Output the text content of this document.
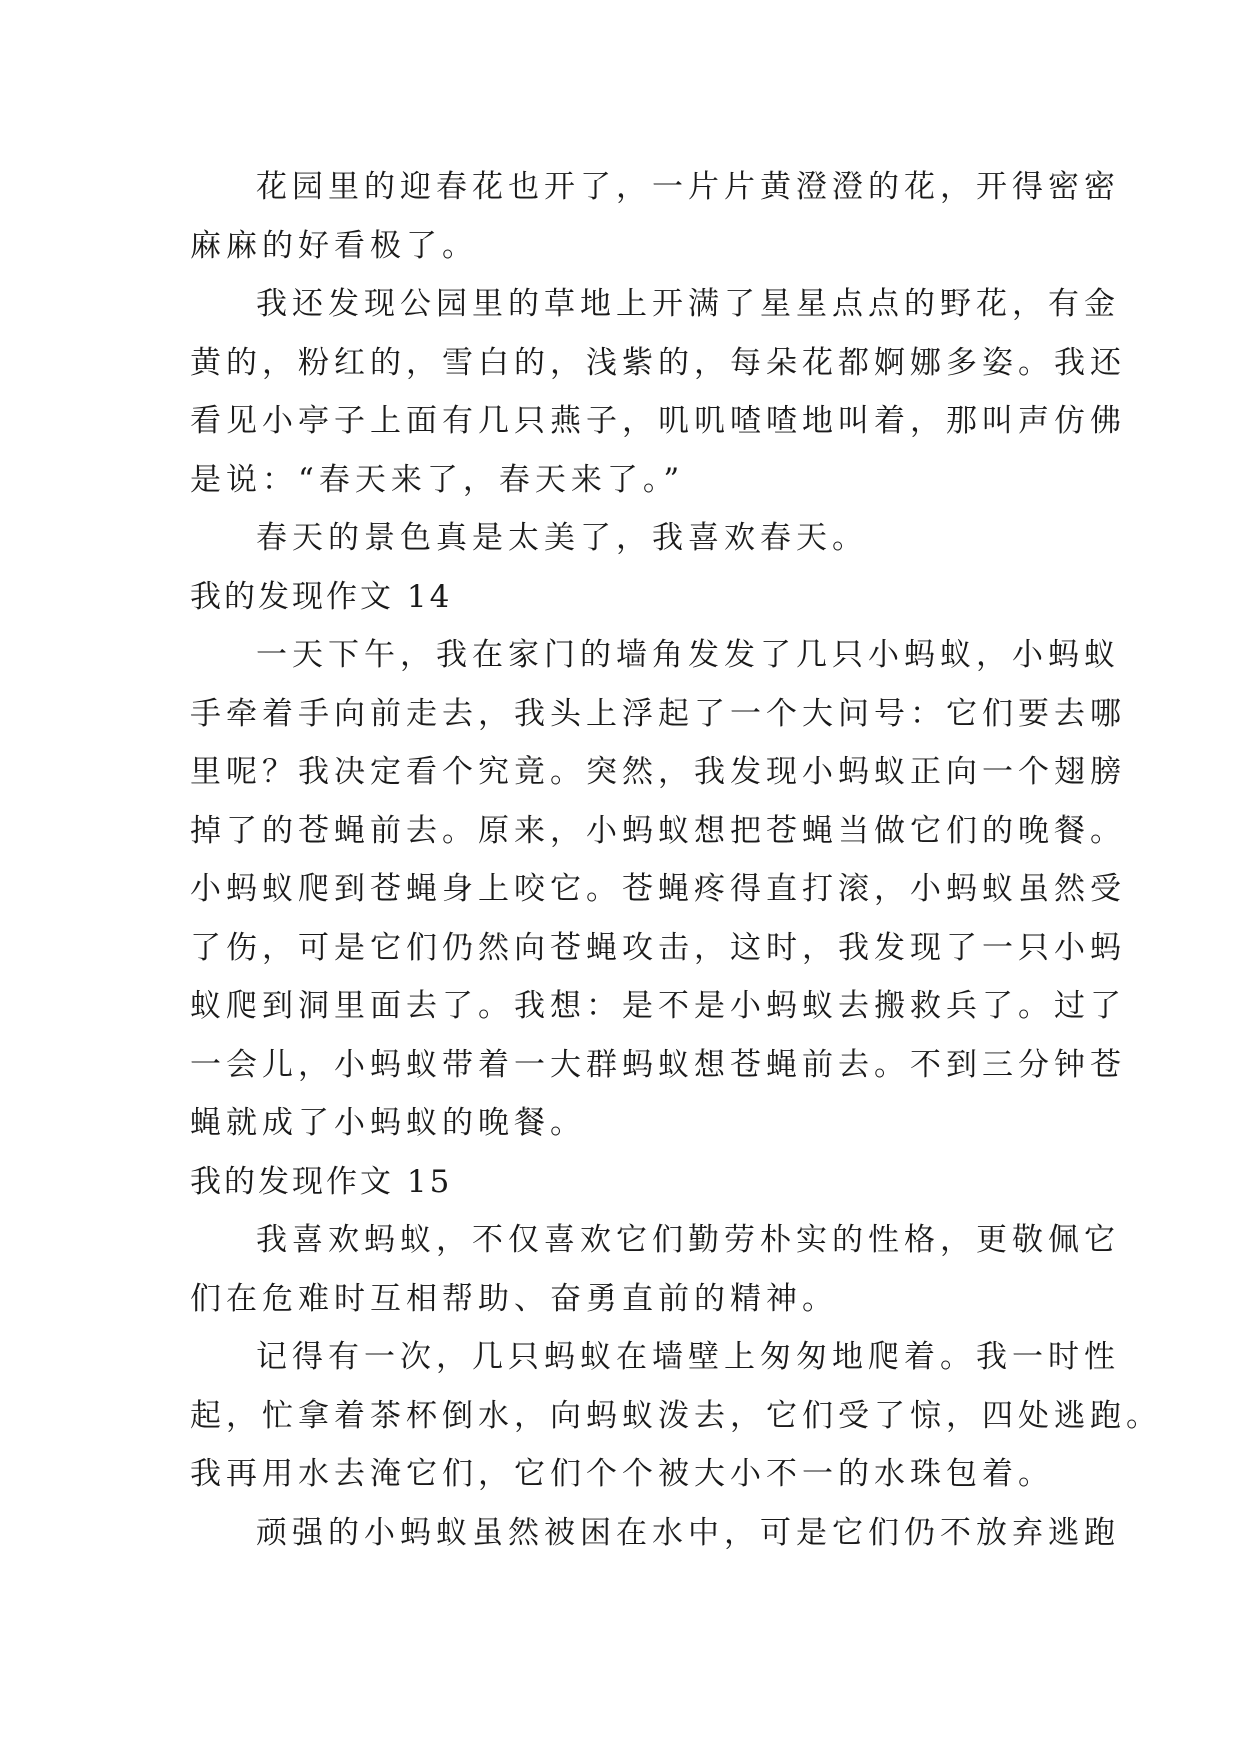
花园里的迎春花也开了，一片片黄澄澄的花，开得密密
麻麻的好看极了。
我还发现公园里的草地上开满了星星点点的野花，有金
黄的，粉红的，雪白的，浅紫的，每朵花都婀娜多姿。我还
看见小亭子上面有几只燕子，叽叽喳喳地叫着，那叫声仿佛
是说：“春天来了，春天来了。”
春天的景色真是太美了，我喜欢春天。
我的发现作文 14
一天下午，我在家门的墙角发发了几只小蚂蚁，小蚂蚁
手牵着手向前走去，我头上浮起了一个大问号：它们要去哪
里呢？我决定看个究竟。突然，我发现小蚂蚁正向一个翅膀
掉了的苍蝇前去。原来，小蚂蚁想把苍蝇当做它们的晚餐。
小蚂蚁爬到苍蝇身上咬它。苍蝇疼得直打滚，小蚂蚁虽然受
了伤，可是它们仍然向苍蝇攻击，这时，我发现了一只小蚂
蚁爬到洞里面去了。我想：是不是小蚂蚁去搬救兵了。过了
一会儿，小蚂蚁带着一大群蚂蚁想苍蝇前去。不到三分钟苍
蝇就成了小蚂蚁的晚餐。
我的发现作文 15
我喜欢蚂蚁，不仅喜欢它们勤劳朴实的性格，更敬佩它
们在危难时互相帮助、奋勇直前的精神。
记得有一次，几只蚂蚁在墙壁上匆匆地爬着。我一时性
起，忙拿着茶杯倒水，向蚂蚁泼去，它们受了惊，四处逃跑。
我再用水去淹它们，它们个个被大小不一的水珠包着。
顽强的小蚂蚁虽然被困在水中，可是它们仍不放弃逃跑
